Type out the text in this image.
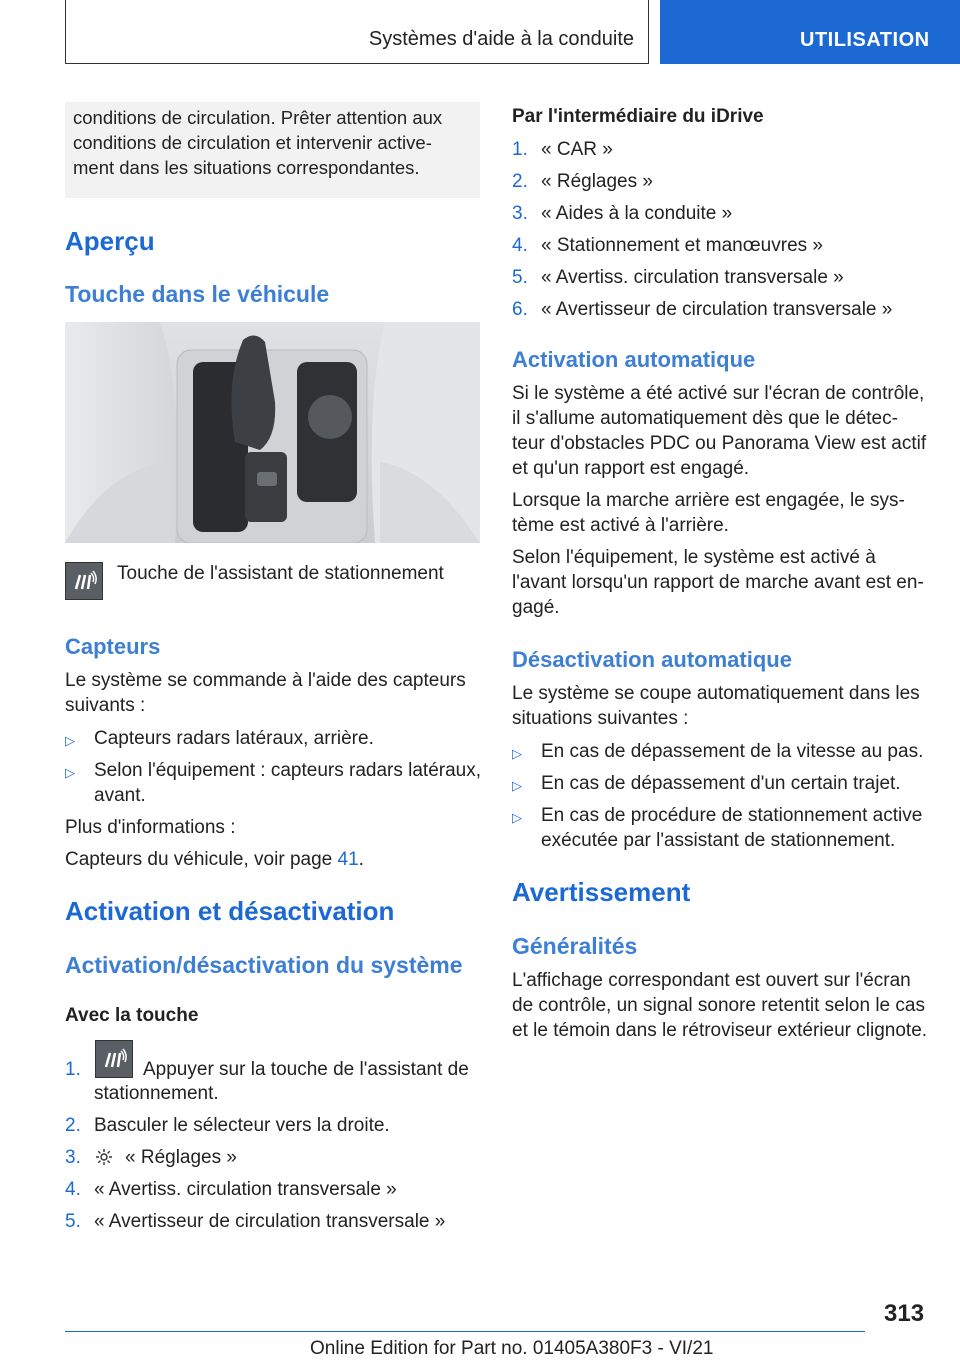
Systèmes d'aide à la conduite	UTILISATION

conditions de circulation. Prêter attention aux

conditions de circulation et intervenir active-

ment dans les situations correspondantes.

Aperçu
Touche dans le véhicule
Touche de l'assistant de stationnement
Capteurs
Le système se commande à l'aide des capteurs
suivants :
▷ Capteurs radars latéraux, arrière.
▷ Selon l'équipement : capteurs radars latéraux,
avant.
Plus d'informations :
Capteurs du véhicule, voir page 41.
Activation et désactivation
Activation/désactivation du système
Avec la touche
1.	Appuyer sur la touche de l'assistant de
stationnement.
2. Basculer le sélecteur vers la droite.
3. « Réglages »
4. « Avertiss. circulation transversale »
5. « Avertisseur de circulation transversale »
Par l'intermédiaire du iDrive
1. « CAR »
2. « Réglages »
3. « Aides à la conduite »
4. « Stationnement et manœuvres »
5. « Avertiss. circulation transversale »
6. « Avertisseur de circulation transversale »
Activation automatique
Si le système a été activé sur l'écran de contrôle,
il s'allume automatiquement dès que le détec-
teur d'obstacles PDC ou Panorama View est actif
et qu'un rapport est engagé.
Lorsque la marche arrière est engagée, le sys-
tème est activé à l'arrière.
Selon l'équipement, le système est activé à
l'avant lorsqu'un rapport de marche avant est en-
gagé.
Désactivation automatique
Le système se coupe automatiquement dans les
situations suivantes :
▷ En cas de dépassement de la vitesse au pas.
▷ En cas de dépassement d'un certain trajet.
▷ En cas de procédure de stationnement active
exécutée par l'assistant de stationnement.
Avertissement
Généralités
L'affichage correspondant est ouvert sur l'écran
de contrôle, un signal sonore retentit selon le cas
et le témoin dans le rétroviseur extérieur clignote.
313
Online Edition for Part no. 01405A380F3 - VI/21
